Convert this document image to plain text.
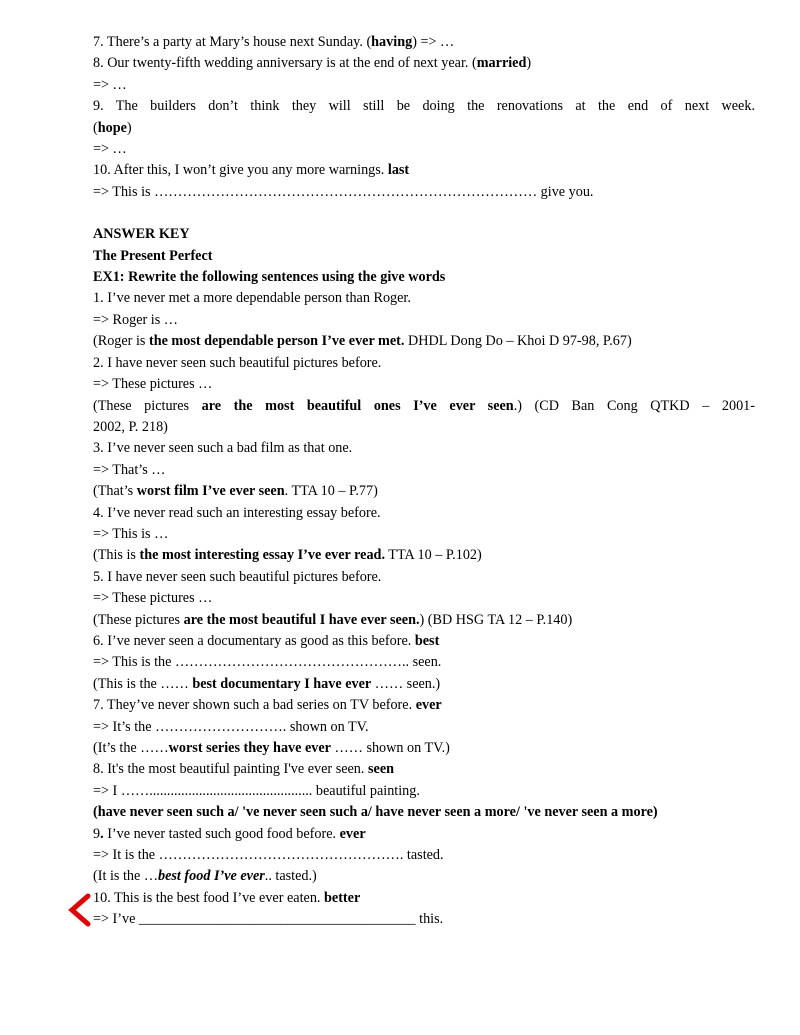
7. There’s a party at Mary’s house next Sunday. (having) => …
8. Our twenty-fifth wedding anniversary is at the end of next year. (married)
=> …
9. The builders don’t think they will still be doing the renovations at the end of next week.
(hope)
=> …
10. After this, I won’t give you any more warnings. last
=> This is ……………………………………………………………………… give you.
ANSWER KEY
The Present Perfect
EX1: Rewrite the following sentences using the give words
1. I’ve never met a more dependable person than Roger.
=> Roger is …
(Roger is the most dependable person I’ve ever met. DHDL Dong Do – Khoi D 97-98, P.67)
2. I have never seen such beautiful pictures before.
=> These pictures …
(These pictures are the most beautiful ones I’ve ever seen.) (CD Ban Cong QTKD – 2001-
2002, P. 218)
3. I’ve never seen such a bad film as that one.
=> That’s …
(That’s worst film I’ve ever seen. TTA 10 – P.77)
4. I’ve never read such an interesting essay before.
=> This is …
(This is the most interesting essay I’ve ever read. TTA 10 – P.102)
5. I have never seen such beautiful pictures before.
=> These pictures …
(These pictures are the most beautiful I have ever seen.) (BD HSG TA 12 – P.140)
6. I’ve never seen a documentary as good as this before. best
=> This is the ………………………………………….. seen.
(This is the …… best documentary I have ever …… seen.)
7. They’ve never shown such a bad series on TV before. ever
=> It’s the ………………………. shown on TV.
(It’s the ……worst series they have ever …… shown on TV.)
8. It's the most beautiful painting I've ever seen. seen
=> I …….............................................. beautiful painting.
(have never seen such a/ 've never seen such a/ have never seen a more/ 've never seen a more)
9. I’ve never tasted such good food before. ever
=> It is the ……………………………………………. tasted.
(It is the …best food I’ve ever.. tasted.)
10. This is the best food I’ve ever eaten. better
=> I’ve _______________________________________ this.
